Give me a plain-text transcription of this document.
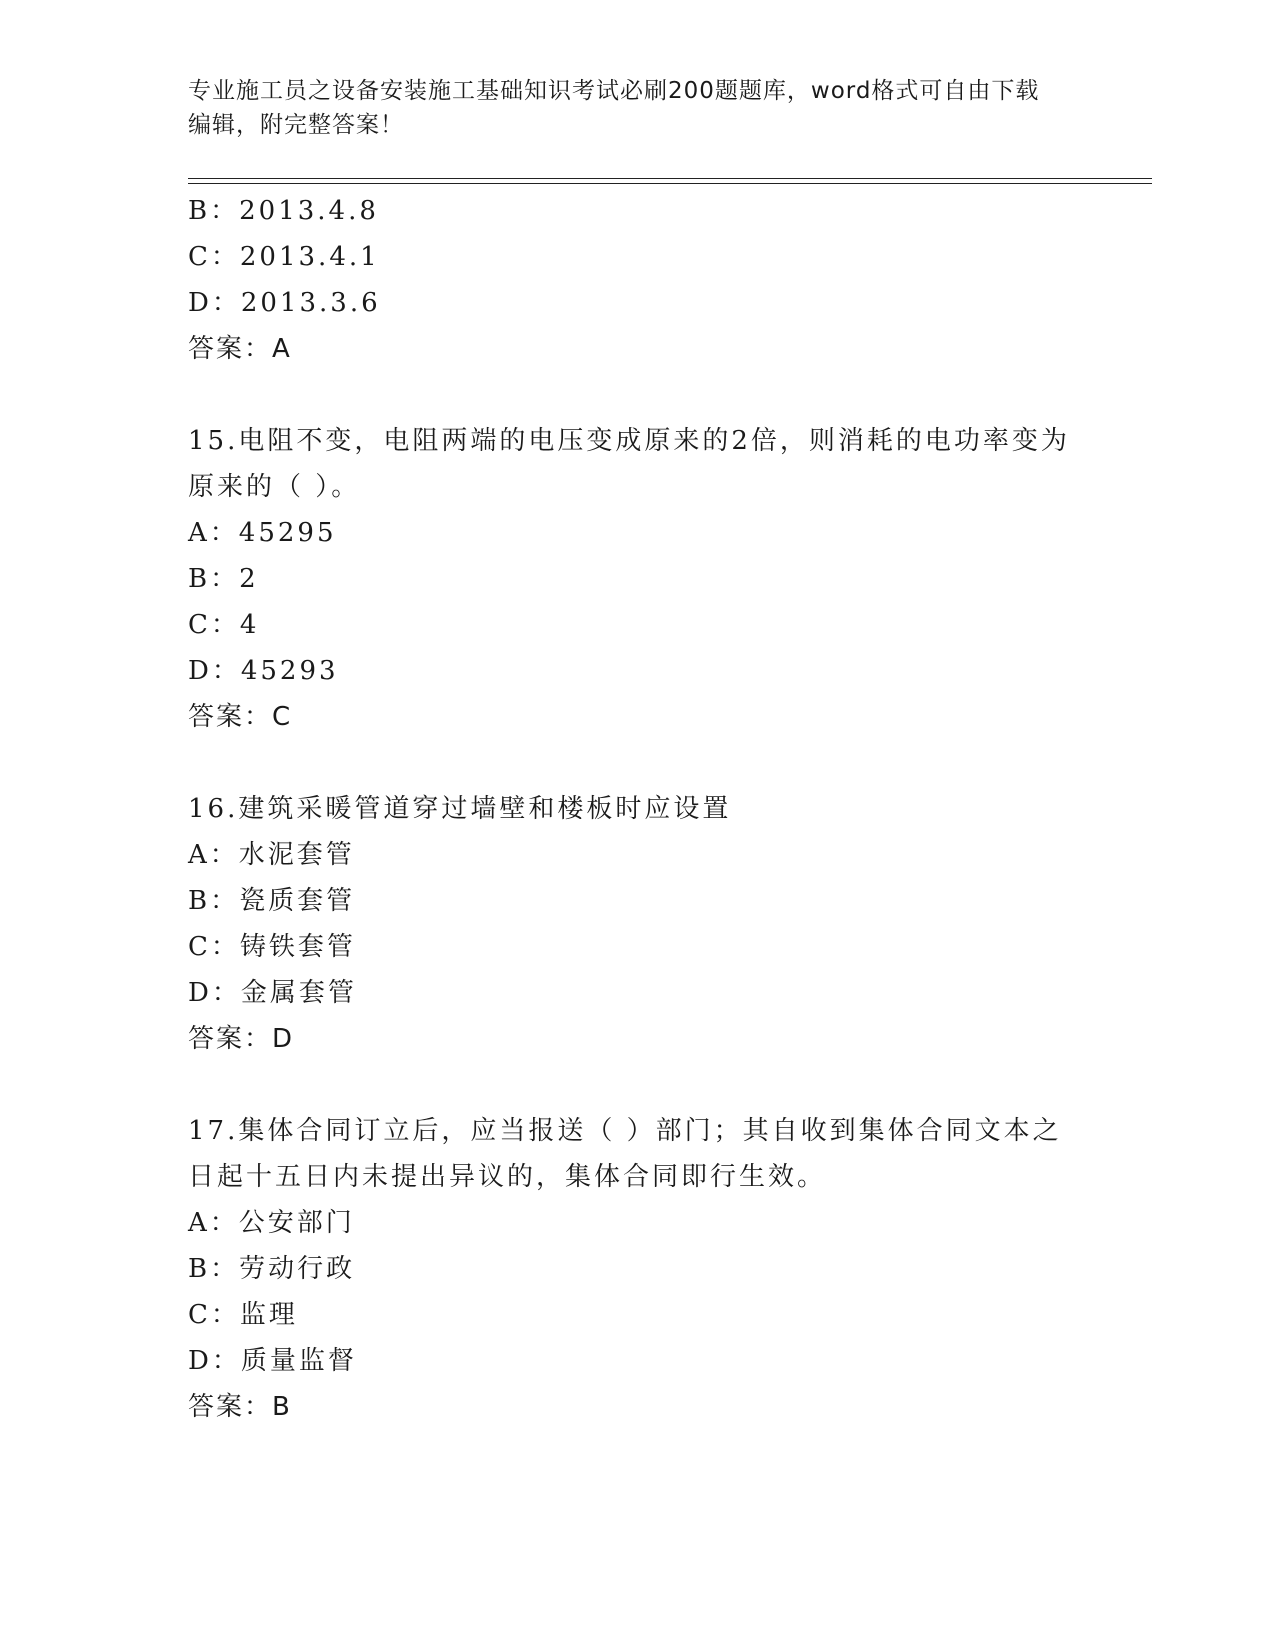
专业施工员之设备安装施工基础知识考试必刷200题题库，word格式可自由下载
编辑，附完整答案！
B：2013.4.8
C：2013.4.1
D：2013.3.6
答案：A
15.电阻不变，电阻两端的电压变成原来的2倍，则消耗的电功率变为
原来的（ ）。
A：45295
B：2
C：4
D：45293
答案：C
16.建筑采暖管道穿过墙壁和楼板时应设置
A：水泥套管
B：瓷质套管
C：铸铁套管
D：金属套管
答案：D
17.集体合同订立后，应当报送（ ）部门；其自收到集体合同文本之
日起十五日内未提出异议的，集体合同即行生效。
A：公安部门
B：劳动行政
C：监理
D：质量监督
答案：B
